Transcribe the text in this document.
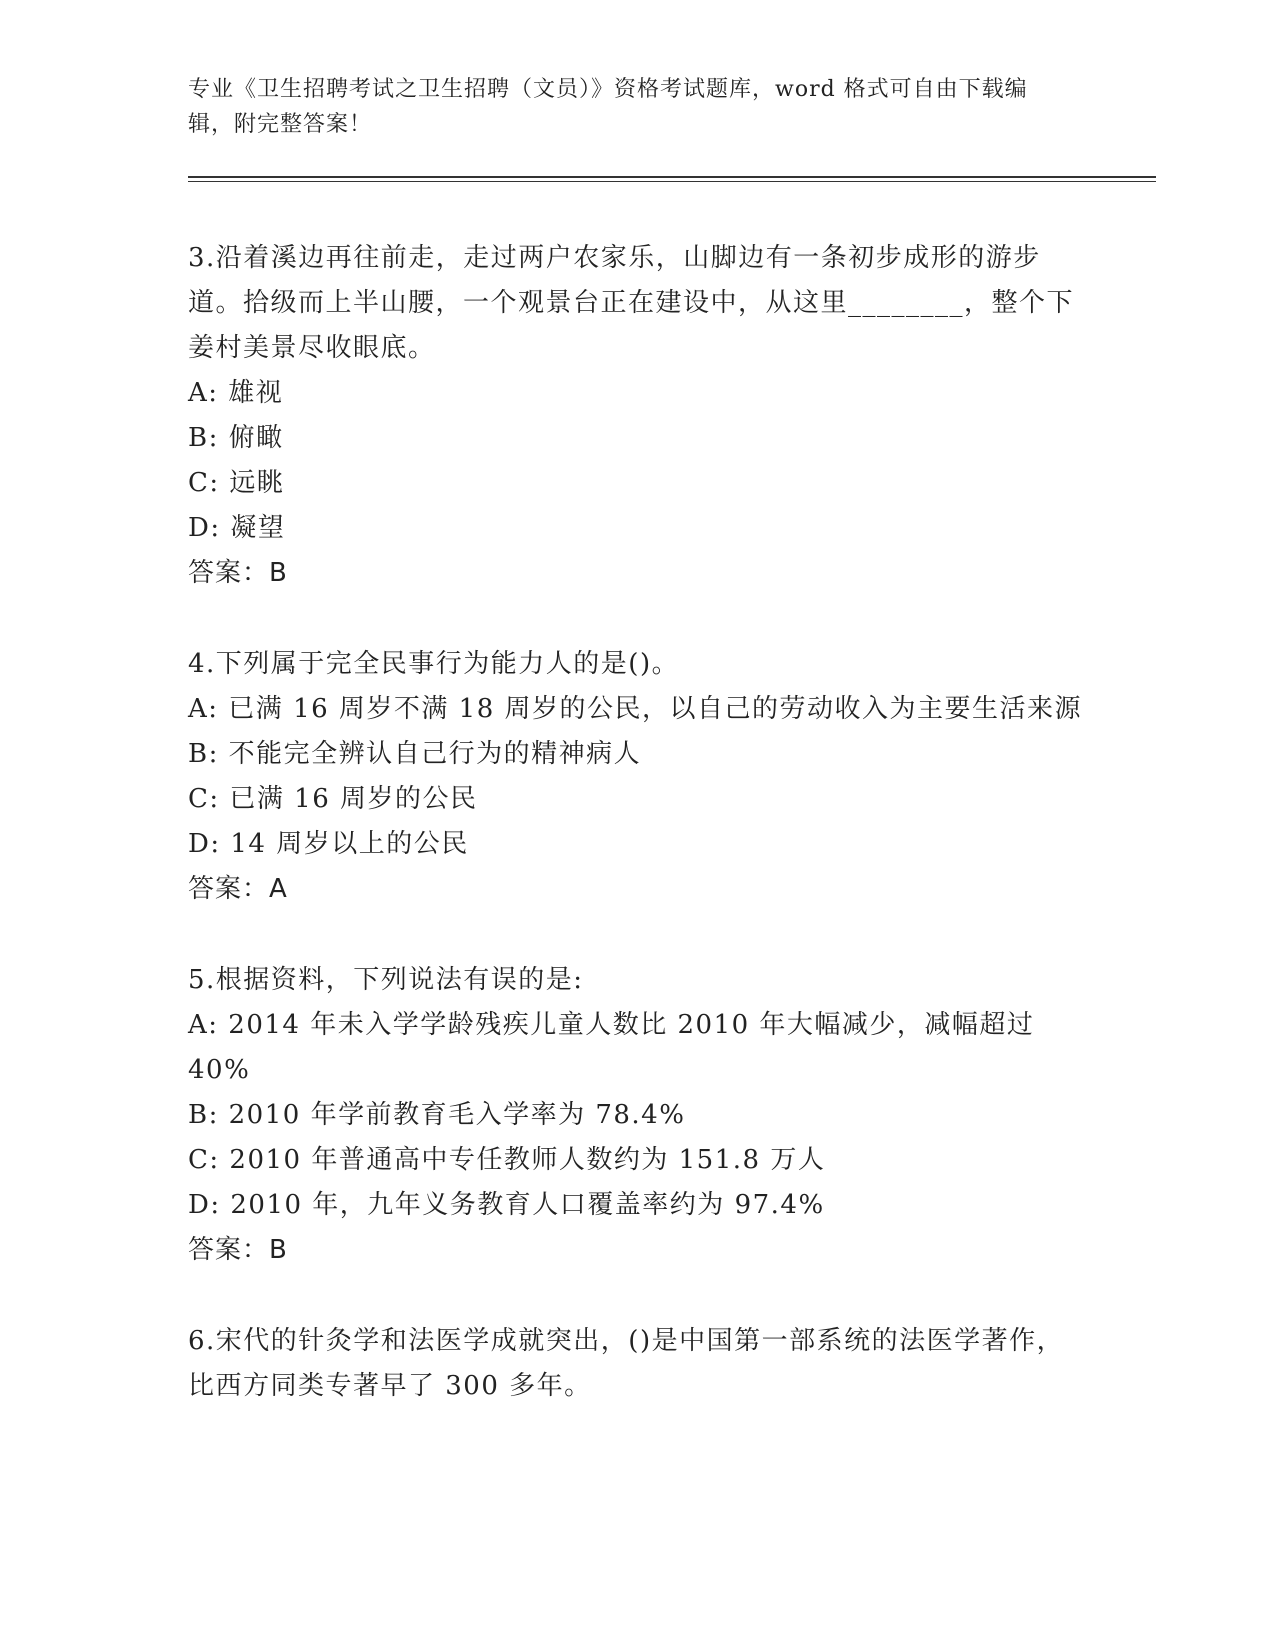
专业《卫生招聘考试之卫生招聘（文员）》资格考试题库，word 格式可自由下载编辑，附完整答案！
3.沿着溪边再往前走，走过两户农家乐，山脚边有一条初步成形的游步道。拾级而上半山腰，一个观景台正在建设中，从这里________，整个下姜村美景尽收眼底。
A: 雄视
B: 俯瞰
C: 远眺
D: 凝望
答案：B
4.下列属于完全民事行为能力人的是()。
A: 已满 16 周岁不满 18 周岁的公民，以自己的劳动收入为主要生活来源
B: 不能完全辨认自己行为的精神病人
C: 已满 16 周岁的公民
D: 14 周岁以上的公民
答案：A
5.根据资料，下列说法有误的是:
A: 2014 年未入学学龄残疾儿童人数比 2010 年大幅减少，减幅超过 40%
B: 2010 年学前教育毛入学率为 78.4%
C: 2010 年普通高中专任教师人数约为 151.8 万人
D: 2010 年，九年义务教育人口覆盖率约为 97.4%
答案：B
6.宋代的针灸学和法医学成就突出，()是中国第一部系统的法医学著作，比西方同类专著早了 300 多年。
